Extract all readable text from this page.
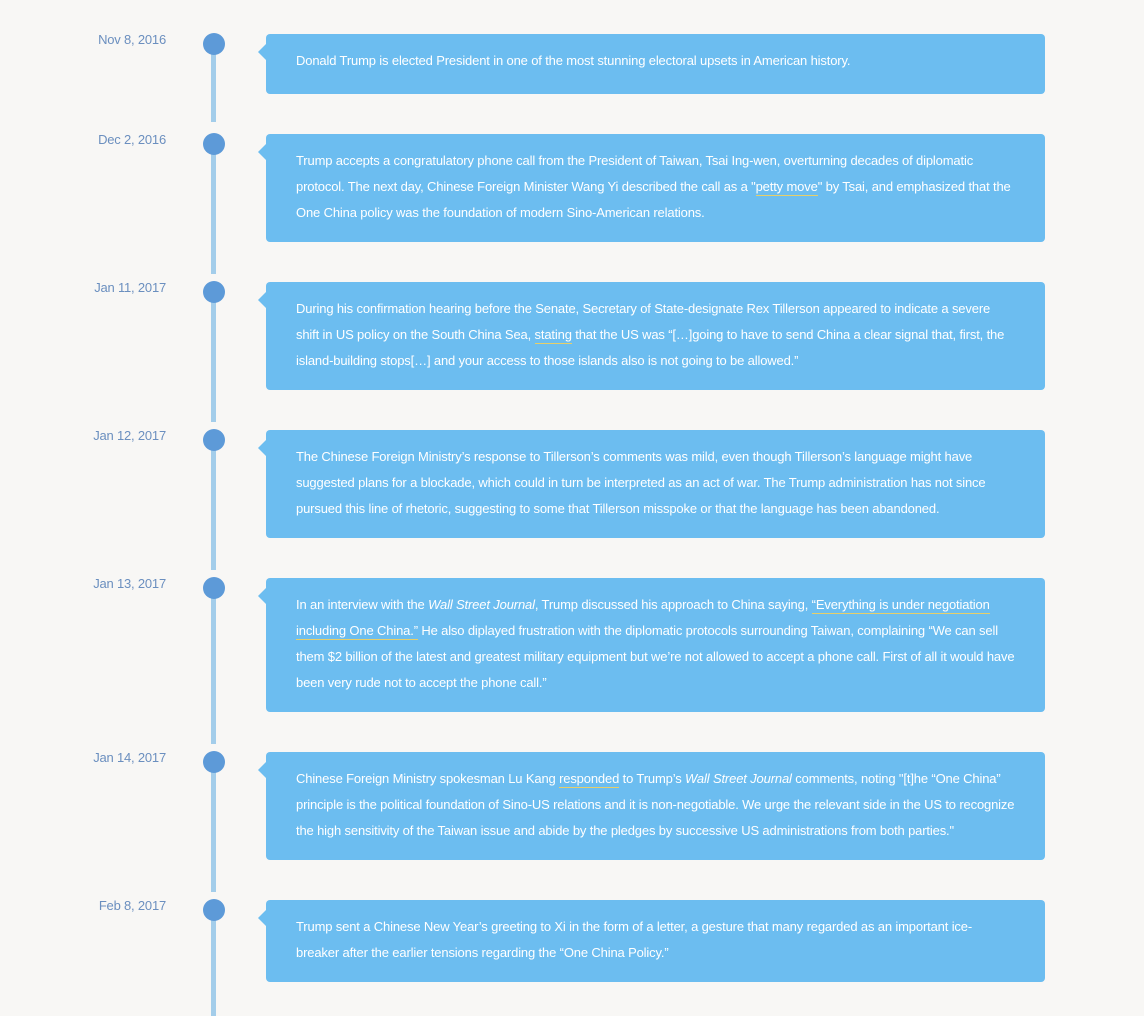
Nov 8, 2016
Donald Trump is elected President in one of the most stunning electoral upsets in American history.
Dec 2, 2016
Trump accepts a congratulatory phone call from the President of Taiwan, Tsai Ing-wen, overturning decades of diplomatic protocol. The next day, Chinese Foreign Minister Wang Yi described the call as a "petty move" by Tsai, and emphasized that the One China policy was the foundation of modern Sino-American relations.
Jan 11, 2017
During his confirmation hearing before the Senate, Secretary of State-designate Rex Tillerson appeared to indicate a severe shift in US policy on the South China Sea, stating that the US was “[…]going to have to send China a clear signal that, first, the island-building stops[…] and your access to those islands also is not going to be allowed.”
Jan 12, 2017
The Chinese Foreign Ministry’s response to Tillerson’s comments was mild, even though Tillerson’s language might have suggested plans for a blockade, which could in turn be interpreted as an act of war. The Trump administration has not since pursued this line of rhetoric, suggesting to some that Tillerson misspoke or that the language has been abandoned.
Jan 13, 2017
In an interview with the Wall Street Journal, Trump discussed his approach to China saying, “Everything is under negotiation including One China.” He also diplayed frustration with the diplomatic protocols surrounding Taiwan, complaining “We can sell them $2 billion of the latest and greatest military equipment but we’re not allowed to accept a phone call. First of all it would have been very rude not to accept the phone call.”
Jan 14, 2017
Chinese Foreign Ministry spokesman Lu Kang responded to Trump’s Wall Street Journal comments, noting "[t]he “One China” principle is the political foundation of Sino-US relations and it is non-negotiable. We urge the relevant side in the US to recognize the high sensitivity of the Taiwan issue and abide by the pledges by successive US administrations from both parties."
Feb 8, 2017
Trump sent a Chinese New Year’s greeting to Xi in the form of a letter, a gesture that many regarded as an important ice-breaker after the earlier tensions regarding the “One China Policy.”
